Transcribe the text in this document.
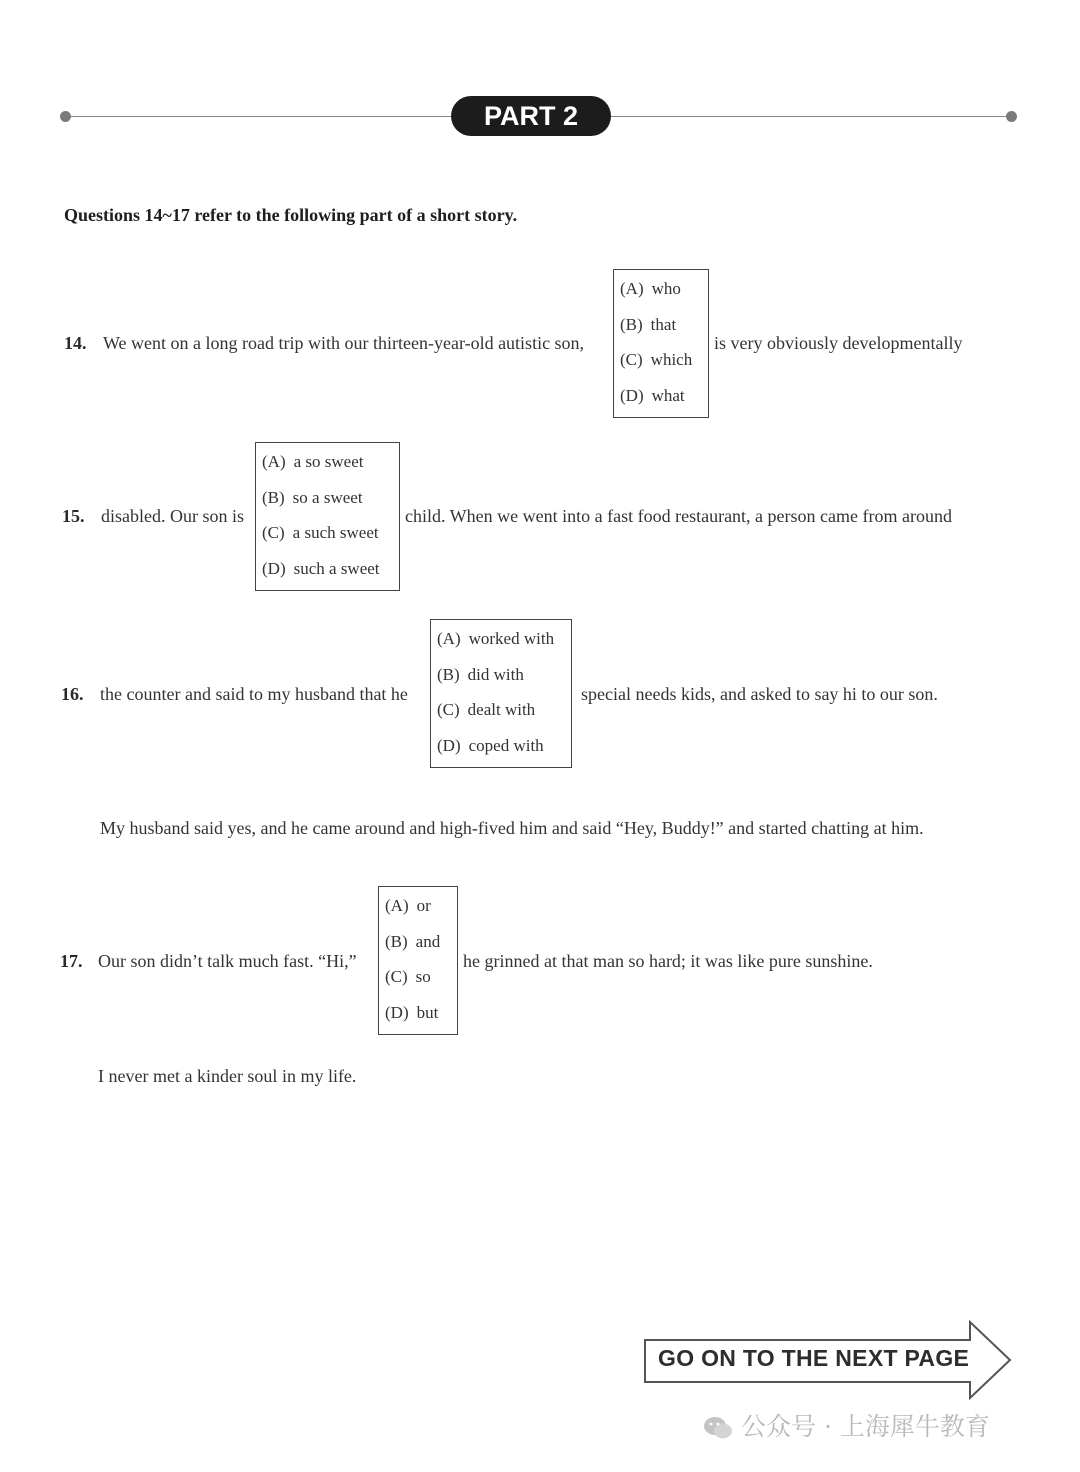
PART 2
Questions 14~17 refer to the following part of a short story.
14. We went on a long road trip with our thirteen-year-old autistic son,
(A) who
(B) that
(C) which
(D) what
is very obviously developmentally
15. disabled. Our son is
(A) a so sweet
(B) so a sweet
(C) a such sweet
(D) such a sweet
child. When we went into a fast food restaurant, a person came from around
16. the counter and said to my husband that he
(A) worked with
(B) did with
(C) dealt with
(D) coped with
special needs kids, and asked to say hi to our son.
My husband said yes, and he came around and high-fived him and said “Hey, Buddy!” and started chatting at him.
17. Our son didn’t talk much fast. “Hi,”
(A) or
(B) and
(C) so
(D) but
he grinned at that man so hard; it was like pure sunshine.
I never met a kinder soul in my life.
GO ON TO THE NEXT PAGE
公众号 · 上海犀牛教育
